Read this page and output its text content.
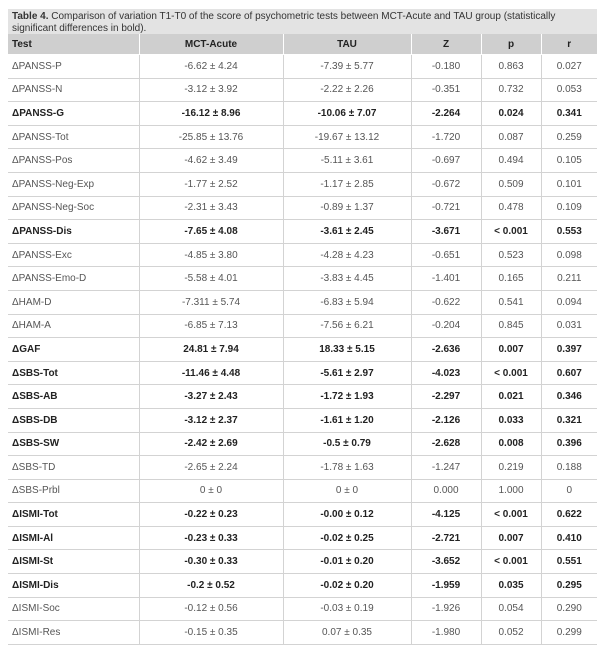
Table 4. Comparison of variation T1-T0 of the score of psychometric tests between MCT-Acute and TAU group (statistically significant differences in bold).
Test	MCT-Acute	TAU	Z	p	r
ΔPANSS-P	-6.62 ± 4.24	-7.39 ± 5.77	-0.180	0.863	0.027
ΔPANSS-N	-3.12 ± 3.92	-2.22 ± 2.26	-0.351	0.732	0.053
ΔPANSS-G	-16.12 ± 8.96	-10.06 ± 7.07	-2.264	0.024	0.341
ΔPANSS-Tot	-25.85 ± 13.76	-19.67 ± 13.12	-1.720	0.087	0.259
ΔPANSS-Pos	-4.62 ± 3.49	-5.11 ± 3.61	-0.697	0.494	0.105
ΔPANSS-Neg-Exp	-1.77 ± 2.52	-1.17 ± 2.85	-0.672	0.509	0.101
ΔPANSS-Neg-Soc	-2.31 ± 3.43	-0.89 ± 1.37	-0.721	0.478	0.109
ΔPANSS-Dis	-7.65 ± 4.08	-3.61 ± 2.45	-3.671	< 0.001	0.553
ΔPANSS-Exc	-4.85 ± 3.80	-4.28 ± 4.23	-0.651	0.523	0.098
ΔPANSS-Emo-D	-5.58 ± 4.01	-3.83 ± 4.45	-1.401	0.165	0.211
ΔHAM-D	-7.311 ± 5.74	-6.83 ± 5.94	-0.622	0.541	0.094
ΔHAM-A	-6.85 ± 7.13	-7.56 ± 6.21	-0.204	0.845	0.031
ΔGAF	24.81 ± 7.94	18.33 ± 5.15	-2.636	0.007	0.397
ΔSBS-Tot	-11.46 ± 4.48	-5.61 ± 2.97	-4.023	< 0.001	0.607
ΔSBS-AB	-3.27 ± 2.43	-1.72 ± 1.93	-2.297	0.021	0.346
ΔSBS-DB	-3.12 ± 2.37	-1.61 ± 1.20	-2.126	0.033	0.321
ΔSBS-SW	-2.42 ± 2.69	-0.5 ± 0.79	-2.628	0.008	0.396
ΔSBS-TD	-2.65 ± 2.24	-1.78 ± 1.63	-1.247	0.219	0.188
ΔSBS-Prbl	0 ± 0	0 ± 0	0.000	1.000	0
ΔISMI-Tot	-0.22 ± 0.23	-0.00 ± 0.12	-4.125	< 0.001	0.622
ΔISMI-Al	-0.23 ± 0.33	-0.02 ± 0.25	-2.721	0.007	0.410
ΔISMI-St	-0.30 ± 0.33	-0.01 ± 0.20	-3.652	< 0.001	0.551
ΔISMI-Dis	-0.2 ± 0.52	-0.02 ± 0.20	-1.959	0.035	0.295
ΔISMI-Soc	-0.12 ± 0.56	-0.03 ± 0.19	-1.926	0.054	0.290
ΔISMI-Res	-0.15 ± 0.35	0.07 ± 0.35	-1.980	0.052	0.299
